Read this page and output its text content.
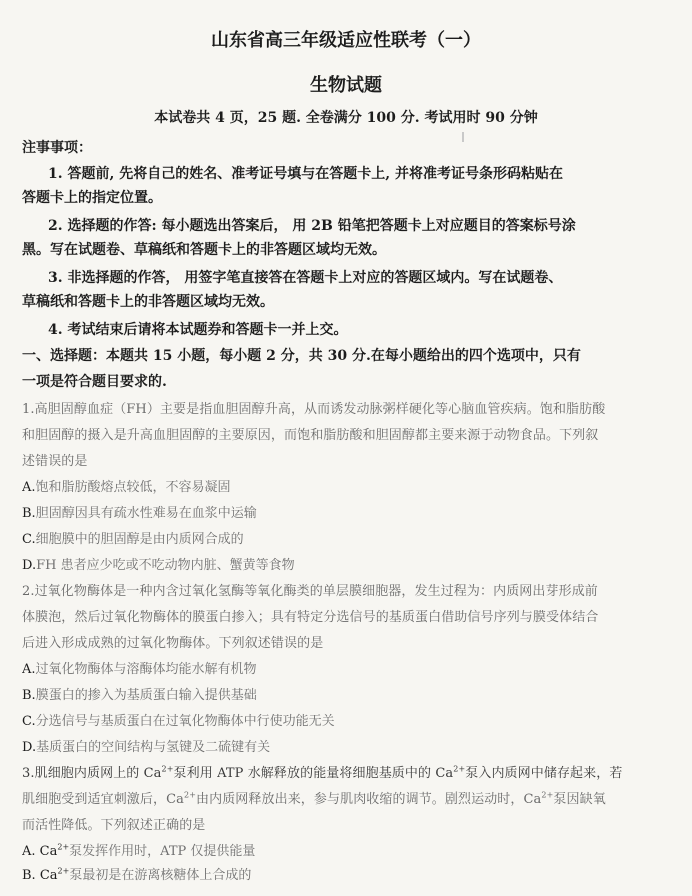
山东省高三年级适应性联考（一）
生物试题
本试卷共 4 页，25 题. 全卷满分 100 分. 考试用时 90 分钟
注事事项：
1. 答题前, 先将自己的姓名、准考证号填与在答题卡上, 并将准考证号条形码粘贴在
答题卡上的指定位置。
2. 选择题的作答: 每小题选出答案后， 用 2B 铅笔把答题卡上对应题目的答案标号涂
黑。写在试题卷、草稿纸和答题卡上的非答题区域均无效。
3. 非选择题的作答， 用签字笔直接答在答题卡上对应的答题区域内。写在试题卷、
草稿纸和答题卡上的非答题区域均无效。
4. 考试结束后请将本试题券和答题卡一并上交。
一、选择题：本题共 15 小题，每小题 2 分，共 30 分.在每小题给出的四个选项中，只有
一项是符合题目要求的.
1.高胆固醇血症（FH）主要是指血胆固醇升高，从而诱发动脉粥样硬化等心脑血管疾病。饱和脂肪酸
和胆固醇的摄入是升高血胆固醇的主要原因，而饱和脂肪酸和胆固醇都主要来源于动物食品。下列叙
述错误的是
A.饱和脂肪酸熔点较低，不容易凝固
B.胆固醇因具有疏水性难易在血浆中运输
C.细胞膜中的胆固醇是由内质网合成的
D.FH 患者应少吃或不吃动物内脏、蟹黄等食物
2.过氧化物酶体是一种内含过氧化氢酶等氧化酶类的单层膜细胞器，发生过程为：内质网出芽形成前
体膜泡，然后过氧化物酶体的膜蛋白掺入；具有特定分选信号的基质蛋白借助信号序列与膜受体结合
后进入形成成熟的过氧化物酶体。下列叙述错误的是
A.过氧化物酶体与溶酶体均能水解有机物
B.膜蛋白的掺入为基质蛋白输入提供基础
C.分选信号与基质蛋白在过氧化物酶体中行使功能无关
D.基质蛋白的空间结构与氢键及二硫键有关
3.肌细胞内质网上的 $Ca^{2+}$泵利用 ATP 水解释放的能量将细胞基质中的 $Ca^{2+}$泵入内质网中储存起来，若
肌细胞受到适宜刺激后，$Ca^{2+}$由内质网释放出来，参与肌肉收缩的调节。剧烈运动时，$Ca^{2+}$泵因缺氧
而活性降低。下列叙述正确的是
A. $Ca^{2+}$泵发挥作用时，ATP 仅提供能量
B. $Ca^{2+}$泵最初是在游离核糖体上合成的
